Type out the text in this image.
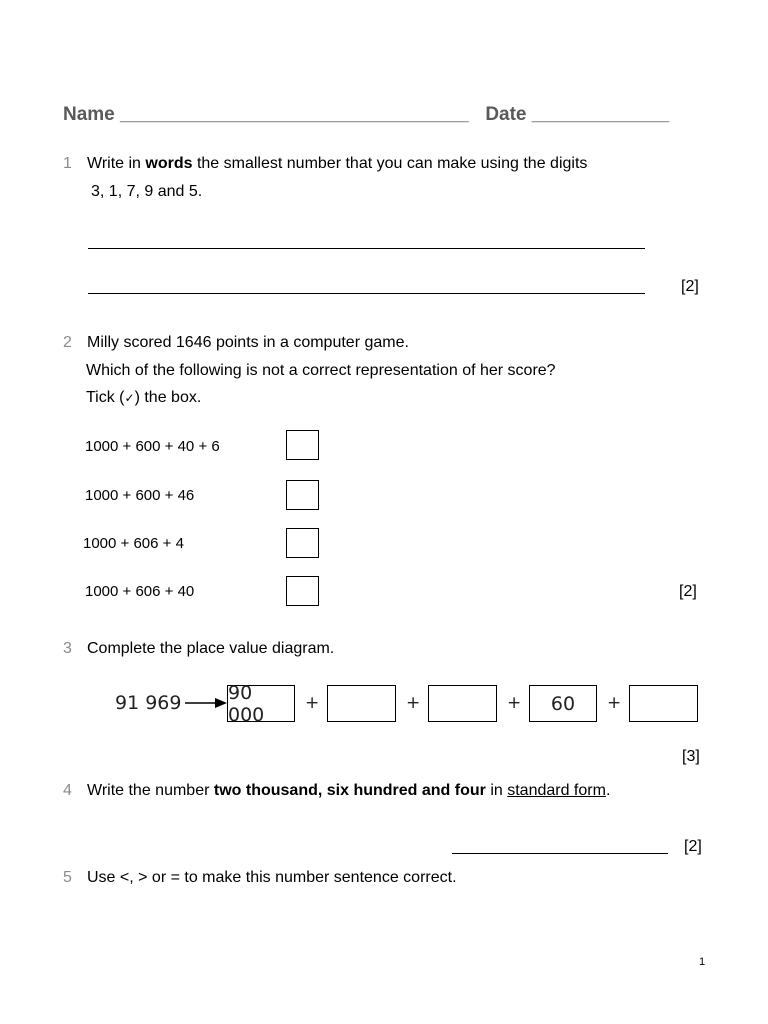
Name _________________________________ Date _____________
1 Write in words the smallest number that you can make using the digits
3, 1, 7, 9 and 5.
[2]
2 Milly scored 1646 points in a computer game.
Which of the following is not a correct representation of her score?
Tick (✓) the box.
1000 + 600 + 40 + 6
1000 + 600 + 46
1000 + 606 + 4
1000 + 606 + 40	[2]
3 Complete the place value diagram.
91 969 90 000
+	+	+	60	+
[3]
4 Write the number two thousand, six hundred and four in standard form.
[2]
5 Use <, > or = to make this number sentence correct.
1
